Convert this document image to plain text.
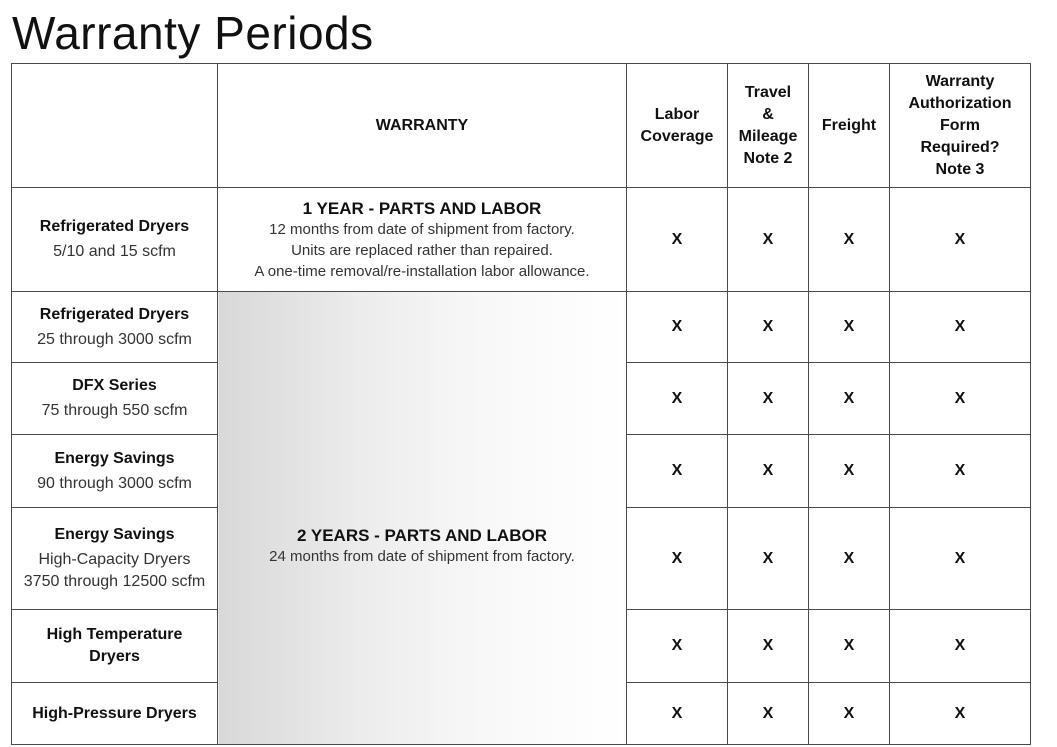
Warranty Periods
	WARRANTY	Labor
Coverage	Travel
&
Mileage
Note 2	Freight	Warranty
Authorization
Form
Required?
Note 3

Refrigerated Dryers
5/10 and 15 scfm	1 YEAR - PARTS AND LABOR
12 months from date of shipment from factory.
Units are replaced rather than repaired.
A one-time removal/re-installation labor allowance.	X	X	X	X

Refrigerated Dryers
25 through 3000 scfm	2 YEARS - PARTS AND LABOR
24 months from date of shipment from factory.	X	X	X	X

DFX Series
75 through 550 scfm		X	X	X	X

Energy Savings
90 through 3000 scfm		X	X	X	X

Energy Savings
High-Capacity Dryers
3750 through 12500 scfm		X	X	X	X

High Temperature Dryers		X	X	X	X

High-Pressure Dryers		X	X	X	X
